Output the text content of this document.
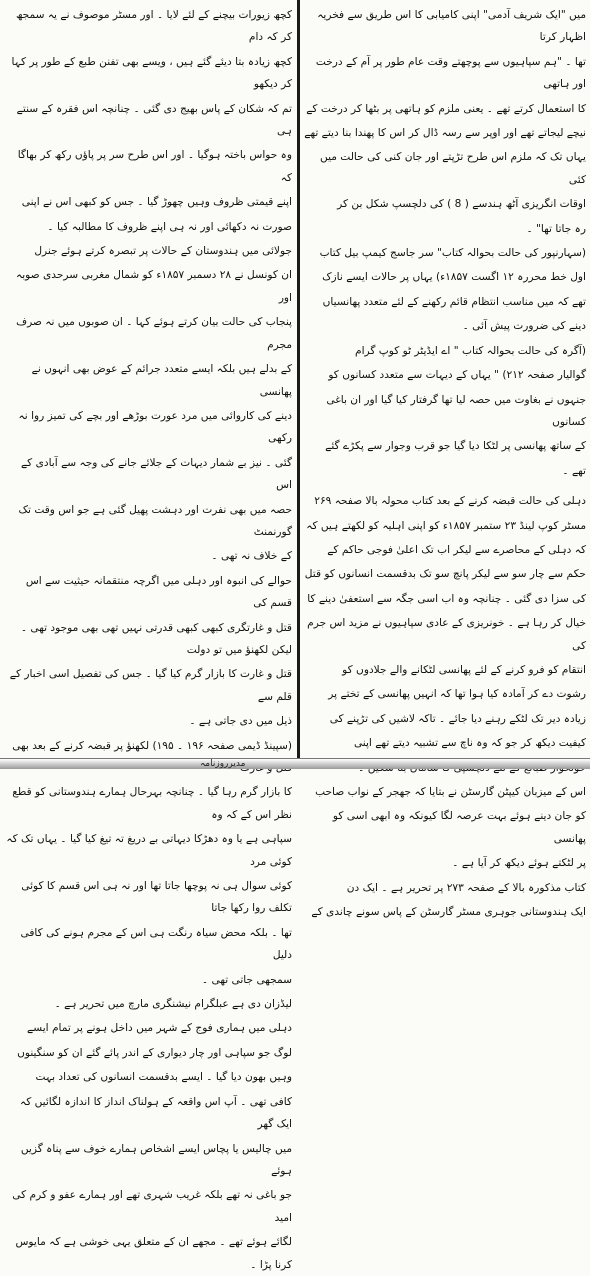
میں "ایک شریف آدمی" اپنی کامیابی کا اس طریق سے فخریہ اظہار کرتا
تھا ۔ "ہم سپاہیوں سے پوچھتے وقت عام طور پر آم کے درخت اور ہاتھی
کا استعمال کرتے تھے ۔ یعنی ملزم کو ہاتھی پر بٹھا کر درخت کے
نیچے لیجاتے تھے اور اوپر سے رسہ ڈال کر اس کا پھندا بنا دیتے تھے
یہاں تک کہ ملزم اس طرح تڑپتے اور جان کنی کی حالت میں کئی
اوقات انگریزی آٹھ ہندسے ( 8 ) کی دلچسپ شکل بن کر
رہ جاتا تھا" ۔
(سہارنپور کی حالت بحوالہ کتاب" سر جاسج کیمپ بیل کتاب
اول خط محررہ ۱۲ اگست ۱۸۵۷ء) یہاں پر حالات ایسے نازک
تھے کہ میں مناسب انتظام قائم رکھنے کے لئے متعدد پھانسیاں
دینے کی ضرورت پیش آئی ۔
(آگرہ کی حالت بحوالہ کتاب " اے ایڈیٹر ٹو کوپ گرام
گوالیار صفحہ ۲۱۲) " یہاں کے دیہات سے متعدد کسانوں کو
جنہوں نے بغاوت میں حصہ لیا تھا گرفتار کیا گیا اور ان باغی کسانوں
کے ساتھ پھانسی پر لٹکا دیا گیا جو قرب وجوار سے پکڑے گئے
تھے ۔
دہلی کی حالت قبضہ کرنے کے بعد کتاب محولہ بالا صفحہ ۲۶۹
مسٹر کوپ لینڈ ۲۳ ستمبر ۱۸۵۷ء کو اپنی اہلیہ کو لکھتے ہیں کہ
کہ دہلی کے محاصرے سے لیکر اب تک اعلیٰ فوجی حاکم کے
حکم سے چار سو سے لیکر پانچ سو تک بدقسمت انسانوں کو قتل
کی سزا دی گئی ۔ چنانچہ وہ اب اسی جگہ سے استعفیٰ دینے کا
خیال کر رہا ہے ۔ خونریزی کے عادی سپاہیوں نے مزید اس جرم کی
انتقام کو فرو کرنے کے لئے پھانسی لٹکانے والے جلادوں کو
رشوت دے کر آمادہ کیا ہوا تھا کہ انہیں پھانسی کے تختے پر
زیادہ دیر تک لٹکے رہنے دیا جائے ۔ تاکہ لاشیں کی تڑپنے کی
کیفیت دیکھ کر جو کہ وہ ناچ سے تشبیہ دیتے تھے اپنی
اس کے میزبان کیپٹن گارسٹن نے بتایا کہ جھجر کے نواب صاحب
کو جان دینے ہوئے بہت عرصہ لگا کیونکہ وہ ابھی اسی کو پھانسی
پر لٹکتے ہوئے دیکھ کر آیا ہے ۔
کتاب مذکورہ بالا کے صفحہ ۲۷۳ پر تحریر ہے ۔ ایک دن
ایک ہندوستانی جوہری مسٹر گارسٹن کے پاس سونے چاندی کے
کچھ زیورات بیچنے کے لئے لایا ۔ اور مسٹر موصوف نے یہ سمجھ کر کہ دام
کچھ زیادہ بتا دیئے گئے ہیں ، ویسے بھی تفنن طبع کے طور پر کہا کر دیکھو
تم کہ شکان کے پاس بھیج دی گئی ۔ چنانچہ اس فقرہ کے سنتے ہی
وہ حواس باختہ ہوگیا ۔ اور اس طرح سر پر پاؤں رکھ کر بھاگا کہ
اپنے قیمتی ظروف وہیں چھوڑ گیا ۔ جس کو کبھی اس نے اپنی
صورت نہ دکھائی اور نہ ہی اپنے ظروف کا مطالبہ کیا ۔
جولائی میں ہندوستان کے حالات پر تبصرہ کرتے ہوئے جنرل
ان کونسل نے ۲۸ دسمبر ۱۸۵۷ء کو شمال مغربی سرحدی صوبہ اور
پنجاب کی حالت بیان کرتے ہوئے کہا ۔ ان صوبوں میں نہ صرف مجرم
کے بدلے ہیں بلکہ ایسے متعدد جرائم کے عوض بھی انہوں نے پھانسی
دینے کی کاروائی میں مرد عورت بوڑھے اور بچے کی تمیز روا نہ رکھی
گئی ۔ نیز بے شمار دیہات کے جلائے جانے کی وجہ سے آبادی کے اس
حصہ میں بھی نفرت اور دہشت پھیل گئی ہے جو اس وقت تک گورنمنٹ
کے خلاف نہ تھی ۔
حوالے کی انبوہ اور دہلی میں اگرچہ منتقمانہ حیثیت سے اس قسم کی
قتل و غارتگری کبھی کبھی قدرتی نہیں تھی بھی موجود تھی ۔ لیکن لکھنؤ میں تو دولت
قتل و غارت کا بازار گرم کیا گیا ۔ جس کی تفصیل اسی اخبار کے قلم سے
ذیل میں دی جاتی ہے ۔
(سپینڈ ڈیمی صفحہ ۱۹۶ ۔ ۱۹۵) لکھنؤ پر قبضہ کرنے کے بعد بھی
کا بازار گرم رہا گیا ۔ چنانچہ بہرحال ہمارے ہندوستانی کو قطع نظر اس کے کہ وہ
سپاہی ہے یا وہ دھڑکا دیہاتی بے دریغ تہ تیغ کیا گیا ۔ یہاں تک کہ کوئی مرد
کوئی سوال ہی نہ پوچھا جاتا تھا اور نہ ہی اس قسم کا کوئی تکلف روا رکھا جاتا
تھا ۔ بلکہ محض سیاہ رنگت ہی اس کے مجرم ہونے کی کافی دلیل
سمجھی جاتی تھی ۔
لیڈزان دی ہے عبلگرام نیشنگری مارچ میں تحریر ہے ۔
دہلی میں ہماری فوج کے شہر میں داخل ہونے پر تمام ایسے
لوگ جو سپاہی اور چار دیواری کے اندر پائے گئے ان کو سنگینوں
وہیں بھون دیا گیا ۔ ایسے بدقسمت انسانوں کی تعداد بہت
کافی تھی ۔ آپ اس واقعہ کے ہولناک انداز کا اندازہ لگائیں کہ ایک گھر
میں چالیس یا پچاس ایسے اشخاص ہمارے خوف سے پناہ گزیں ہوئے
جو باغی نہ تھے بلکہ غریب شہری تھے اور ہمارے عفو و کرم کی امید
لگائے ہوئے تھے ۔ مجھے ان کے متعلق یہی خوشی ہے کہ مایوس کرنا پڑا ۔
مدیرروزنامہ
